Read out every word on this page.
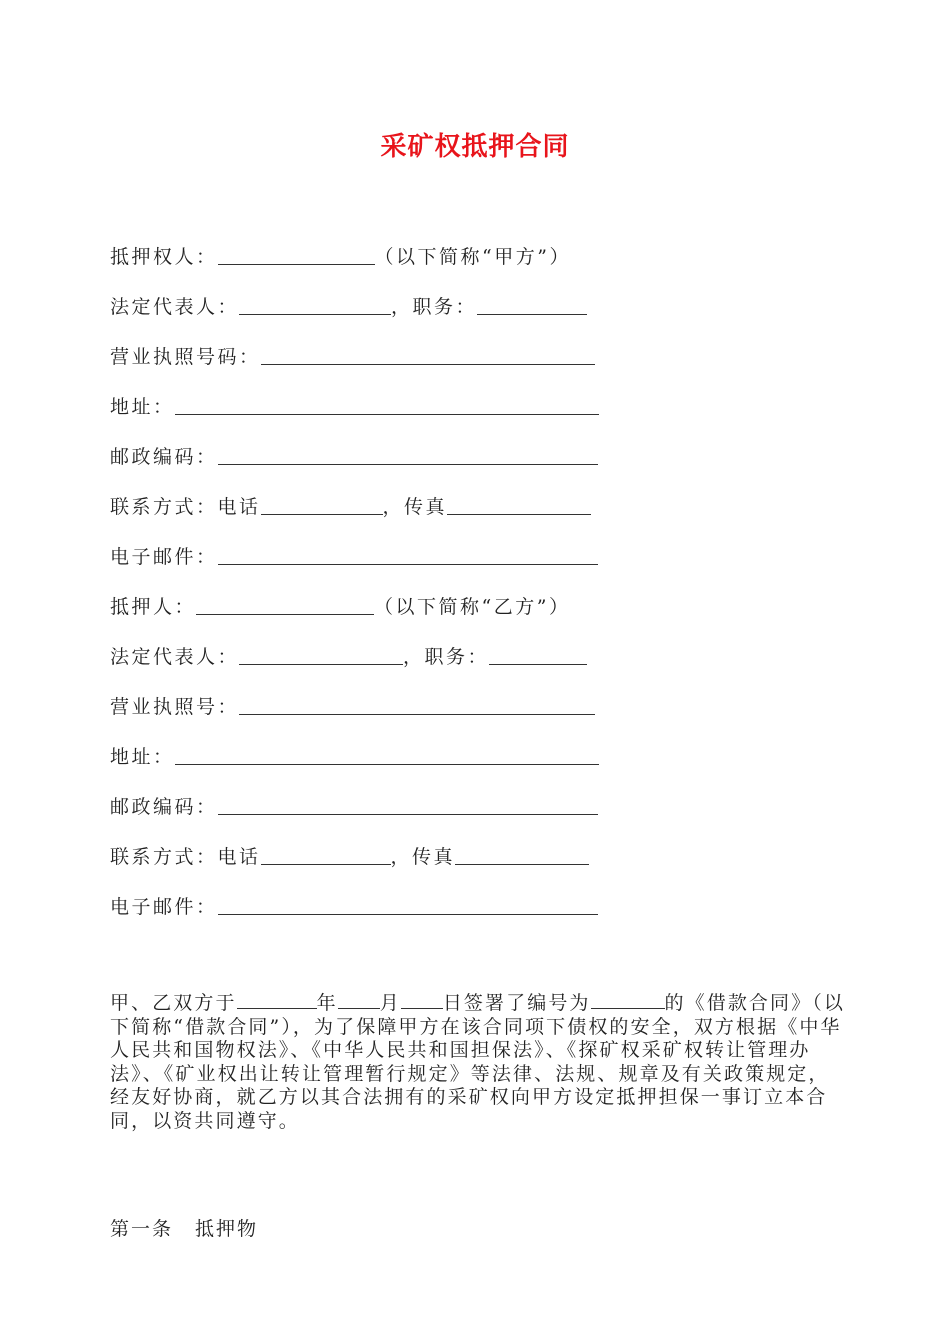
采矿权抵押合同
抵押权人：	（以下简称“甲方”）
法定代表人：	，职务：
营业执照号码：
地址：
邮政编码：
联系方式：电话	，传真
电子邮件：
抵押人：	（以下简称“乙方”）
法定代表人：	，职务：
营业执照号：
地址：
邮政编码：
联系方式：电话	，传真
电子邮件：
甲、乙双方于	年 月 日签署了编号为	的《借款合同》（以下简称“借款合同”），为了保障甲方在该合同项下债权的安全，双方根据《中华人民共和国物权法》、《中华人民共和国担保法》、《探矿权采矿权转让管理办法》、《矿业权出让转让管理暂行规定》等法律、法规、规章及有关政策规定，经友好协商，就乙方以其合法拥有的采矿权向甲方设定抵押担保一事订立本合同，以资共同遵守。
第一条 抵押物
